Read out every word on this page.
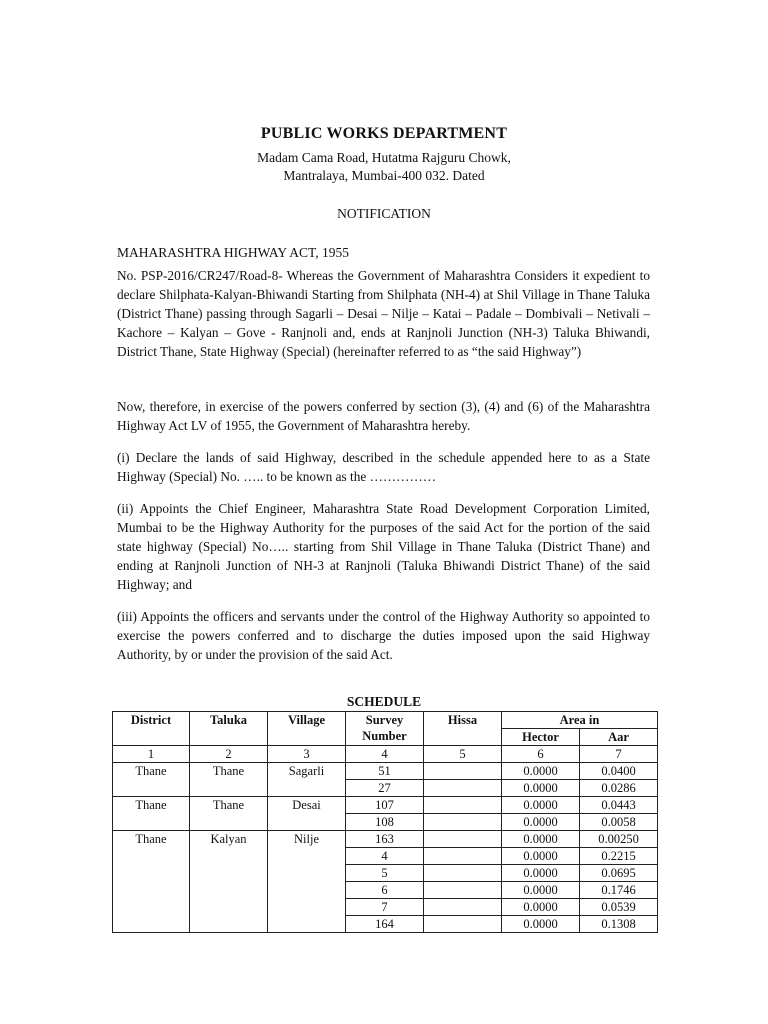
PUBLIC WORKS DEPARTMENT
Madam Cama Road, Hutatma Rajguru Chowk,
Mantralaya, Mumbai-400 032. Dated
NOTIFICATION
MAHARASHTRA HIGHWAY ACT, 1955
No. PSP-2016/CR247/Road-8- Whereas the Government of Maharashtra Considers it expedient to declare Shilphata-Kalyan-Bhiwandi Starting from Shilphata (NH-4) at Shil Village in Thane Taluka (District Thane) passing through Sagarli – Desai – Nilje – Katai – Padale – Dombivali – Netivali –Kachore – Kalyan – Gove - Ranjnoli and, ends at Ranjnoli Junction (NH-3) Taluka Bhiwandi, District Thane, State Highway (Special) (hereinafter referred to as “the said Highway”)
Now, therefore, in exercise of the powers conferred by section (3), (4) and (6) of the Maharashtra Highway Act LV of 1955, the Government of Maharashtra hereby.
(i) Declare the lands of said Highway, described in the schedule appended here to as a State Highway (Special) No. ….. to be known as the ……………
(ii) Appoints the Chief Engineer, Maharashtra State Road Development Corporation Limited, Mumbai to be the Highway Authority for the purposes of the said Act for the portion of the said state highway (Special) No….. starting from Shil Village in Thane Taluka (District Thane) and ending at Ranjnoli Junction of NH-3 at Ranjnoli (Taluka Bhiwandi District Thane) of the said Highway; and
(iii) Appoints the officers and servants under the control of the Highway Authority so appointed to exercise the powers conferred and to discharge the duties imposed upon the said Highway Authority, by or under the provision of the said Act.
SCHEDULE
District	Taluka	Village	Survey Number	Hissa	Area in	
					Hector	Aar
1	2	3	4	5	6	7
Thane	Thane	Sagarli	51		0.0000	0.0400
			27		0.0000	0.0286
Thane	Thane	Desai	107		0.0000	0.0443
			108		0.0000	0.0058
Thane	Kalyan	Nilje	163		0.0000	0.00250
			4		0.0000	0.2215
			5		0.0000	0.0695
			6		0.0000	0.1746
			7		0.0000	0.0539
			164		0.0000	0.1308
